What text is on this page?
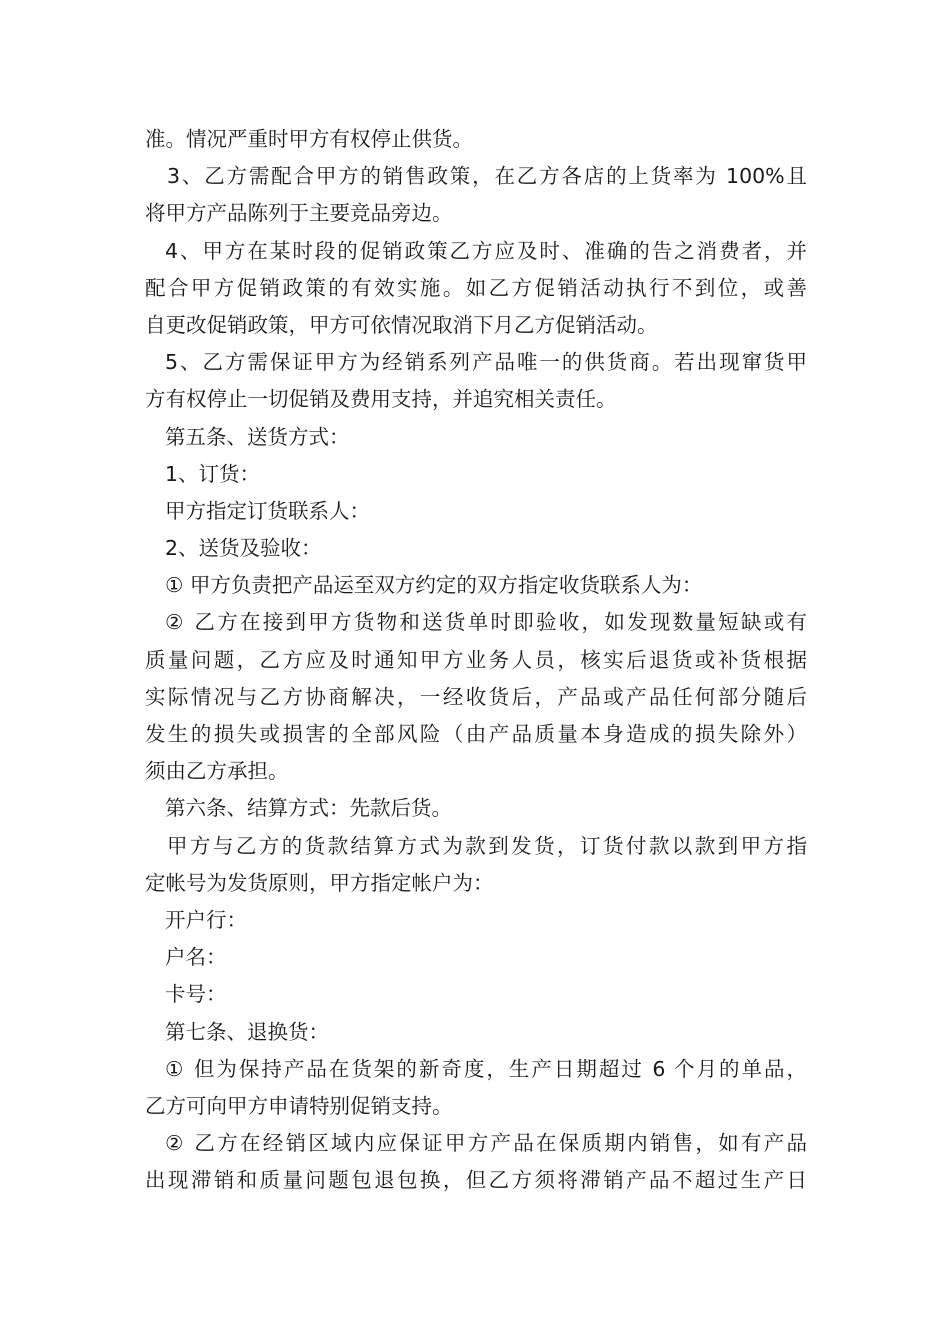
准。情况严重时甲方有权停止供货。
3、乙方需配合甲方的销售政策，在乙方各店的上货率为 100%且
将甲方产品陈列于主要竞品旁边。
4、甲方在某时段的促销政策乙方应及时、准确的告之消费者，并
配合甲方促销政策的有效实施。如乙方促销活动执行不到位，或善
自更改促销政策，甲方可依情况取消下月乙方促销活动。
5、乙方需保证甲方为经销系列产品唯一的供货商。若出现窜货甲
方有权停止一切促销及费用支持，并追究相关责任。
第五条、送货方式：
1、订货：
甲方指定订货联系人：
2、送货及验收：
① 甲方负责把产品运至双方约定的双方指定收货联系人为：
② 乙方在接到甲方货物和送货单时即验收，如发现数量短缺或有
质量问题，乙方应及时通知甲方业务人员，核实后退货或补货根据
实际情况与乙方协商解决，一经收货后，产品或产品任何部分随后
发生的损失或损害的全部风险（由产品质量本身造成的损失除外）
须由乙方承担。
第六条、结算方式：先款后货。
甲方与乙方的货款结算方式为款到发货，订货付款以款到甲方指
定帐号为发货原则，甲方指定帐户为：
开户行：
户名：
卡号：
第七条、退换货：
① 但为保持产品在货架的新奇度，生产日期超过 6 个月的单品，
乙方可向甲方申请特别促销支持。
② 乙方在经销区域内应保证甲方产品在保质期内销售，如有产品
出现滞销和质量问题包退包换，但乙方须将滞销产品不超过生产日
